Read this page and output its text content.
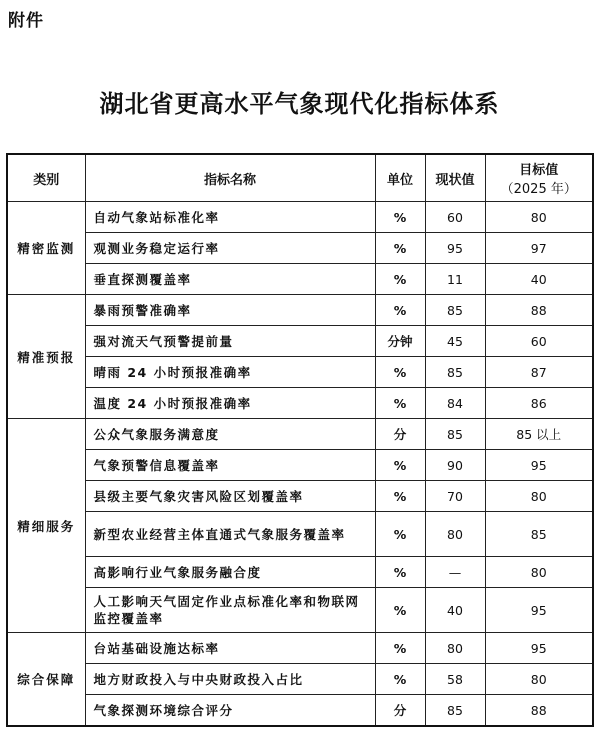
附件
湖北省更高水平气象现代化指标体系
类别	指标名称	单位	现状值	目标值
（2025 年）

精密监测	自动气象站标准化率	%	60	80
	观测业务稳定运行率	%	95	97
	垂直探测覆盖率	%	11	40
精准预报	暴雨预警准确率	%	85	88
	强对流天气预警提前量	分钟	45	60
	晴雨 24 小时预报准确率	%	85	87
	温度 24 小时预报准确率	%	84	86
精细服务	公众气象服务满意度	分	85	85 以上
	气象预警信息覆盖率	%	90	95
	县级主要气象灾害风险区划覆盖率	%	70	80
	新型农业经营主体直通式气象服务覆盖率	%	80	85
	高影响行业气象服务融合度	%	—	80
	人工影响天气固定作业点标准化率和物联网监控覆盖率	%	40	95
综合保障	台站基础设施达标率	%	80	95
	地方财政投入与中央财政投入占比	%	58	80
	气象探测环境综合评分	分	85	88
